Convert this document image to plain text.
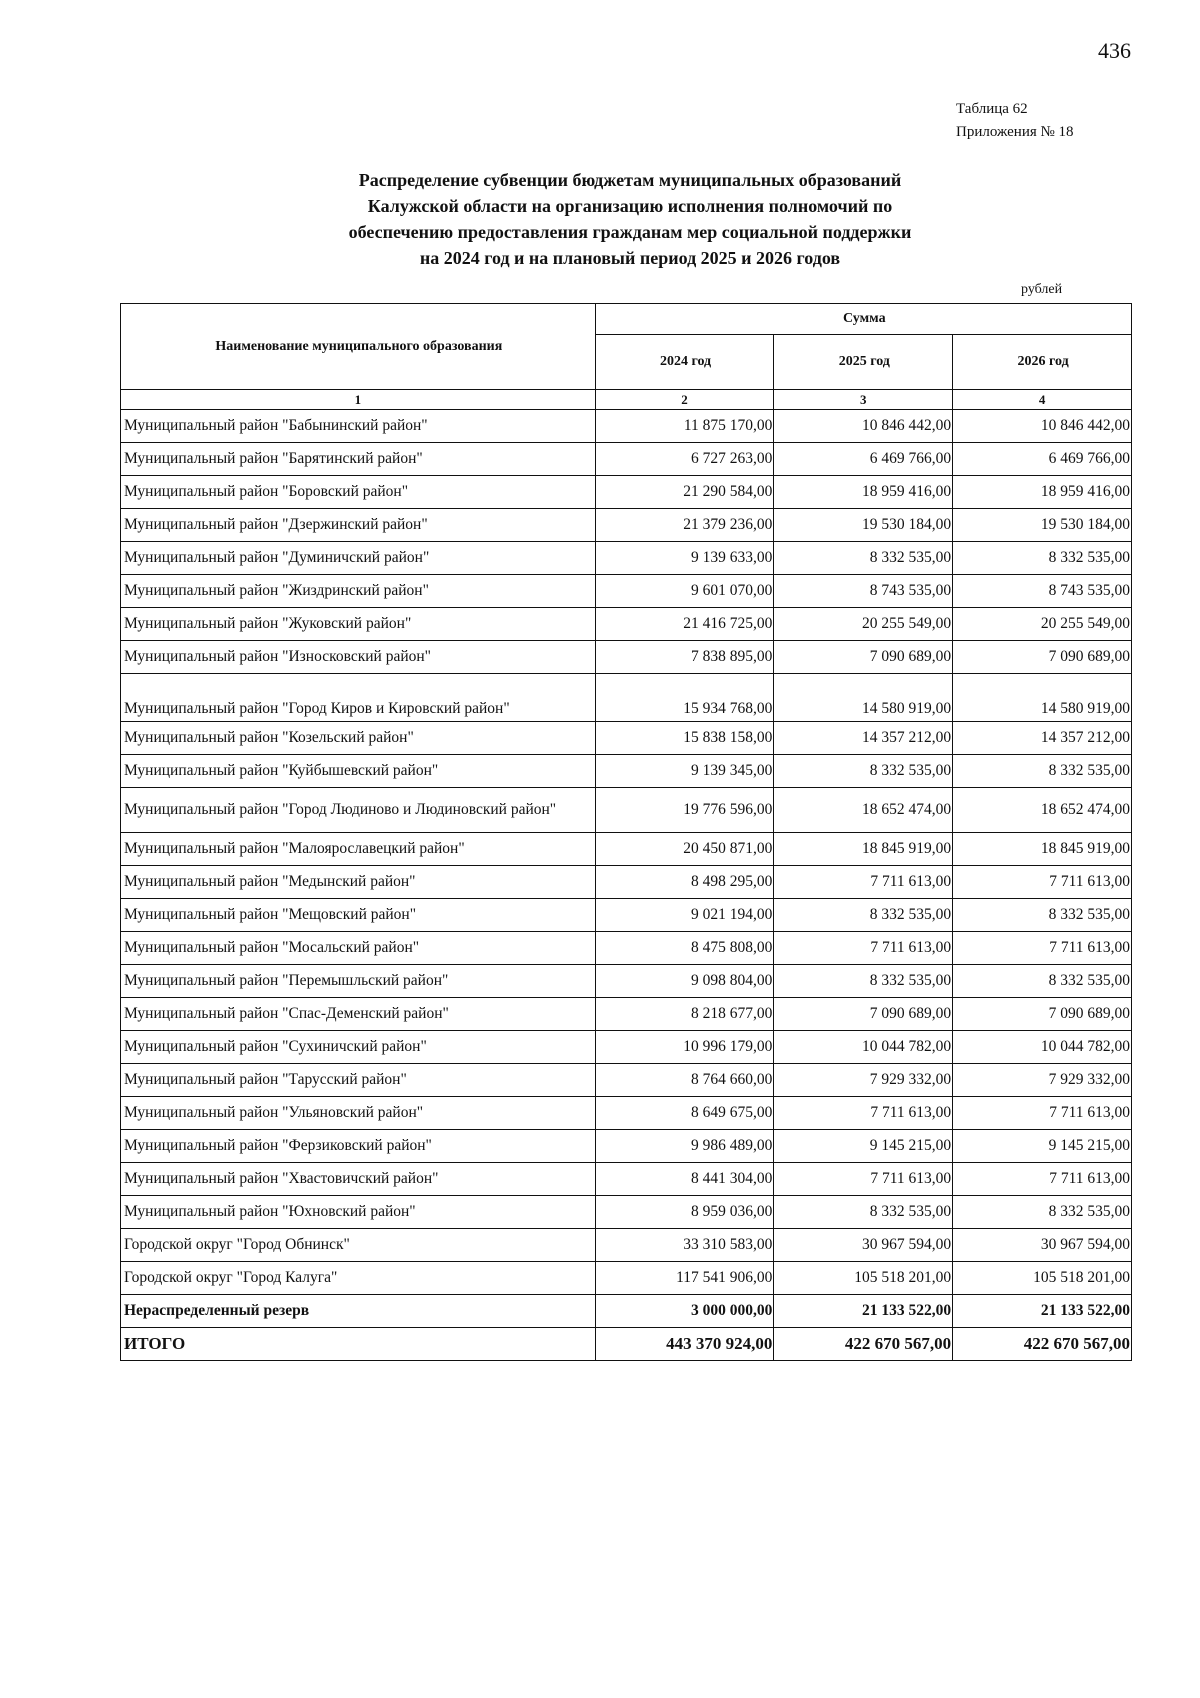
436
Таблица 62
Приложения № 18
Распределение субвенции бюджетам муниципальных образований
Калужской области на организацию исполнения полномочий по
обеспечению предоставления гражданам мер социальной поддержки
на 2024 год и на плановый период 2025 и 2026 годов
рублей
Наименование муниципального образования	Сумма		
	2024 год	2025 год	2026 год
1	2	3	4
Муниципальный район "Бабынинский район"	11 875 170,00	10 846 442,00	10 846 442,00
Муниципальный район "Барятинский район"	6 727 263,00	6 469 766,00	6 469 766,00
Муниципальный район "Боровский район"	21 290 584,00	18 959 416,00	18 959 416,00
Муниципальный район "Дзержинский район"	21 379 236,00	19 530 184,00	19 530 184,00
Муниципальный район "Думиничский район"	9 139 633,00	8 332 535,00	8 332 535,00
Муниципальный район "Жиздринский район"	9 601 070,00	8 743 535,00	8 743 535,00
Муниципальный район "Жуковский район"	21 416 725,00	20 255 549,00	20 255 549,00
Муниципальный район "Износковский район"	7 838 895,00	7 090 689,00	7 090 689,00
Муниципальный район "Город Киров и Кировский район"	15 934 768,00	14 580 919,00	14 580 919,00
Муниципальный район "Козельский район"	15 838 158,00	14 357 212,00	14 357 212,00
Муниципальный район "Куйбышевский район"	9 139 345,00	8 332 535,00	8 332 535,00
Муниципальный район "Город Людиново и Людиновский район"	19 776 596,00	18 652 474,00	18 652 474,00
Муниципальный район "Малоярославецкий район"	20 450 871,00	18 845 919,00	18 845 919,00
Муниципальный район "Медынский район"	8 498 295,00	7 711 613,00	7 711 613,00
Муниципальный район "Мещовский район"	9 021 194,00	8 332 535,00	8 332 535,00
Муниципальный район "Мосальский район"	8 475 808,00	7 711 613,00	7 711 613,00
Муниципальный район "Перемышльский район"	9 098 804,00	8 332 535,00	8 332 535,00
Муниципальный район "Спас-Деменский район"	8 218 677,00	7 090 689,00	7 090 689,00
Муниципальный район "Сухиничский район"	10 996 179,00	10 044 782,00	10 044 782,00
Муниципальный район "Тарусский район"	8 764 660,00	7 929 332,00	7 929 332,00
Муниципальный район "Ульяновский район"	8 649 675,00	7 711 613,00	7 711 613,00
Муниципальный район "Ферзиковский район"	9 986 489,00	9 145 215,00	9 145 215,00
Муниципальный район "Хвастовичский район"	8 441 304,00	7 711 613,00	7 711 613,00
Муниципальный район "Юхновский район"	8 959 036,00	8 332 535,00	8 332 535,00
Городской округ "Город Обнинск"	33 310 583,00	30 967 594,00	30 967 594,00
Городской округ "Город Калуга"	117 541 906,00	105 518 201,00	105 518 201,00
Нераспределенный резерв	3 000 000,00	21 133 522,00	21 133 522,00
ИТОГО	443 370 924,00	422 670 567,00	422 670 567,00
